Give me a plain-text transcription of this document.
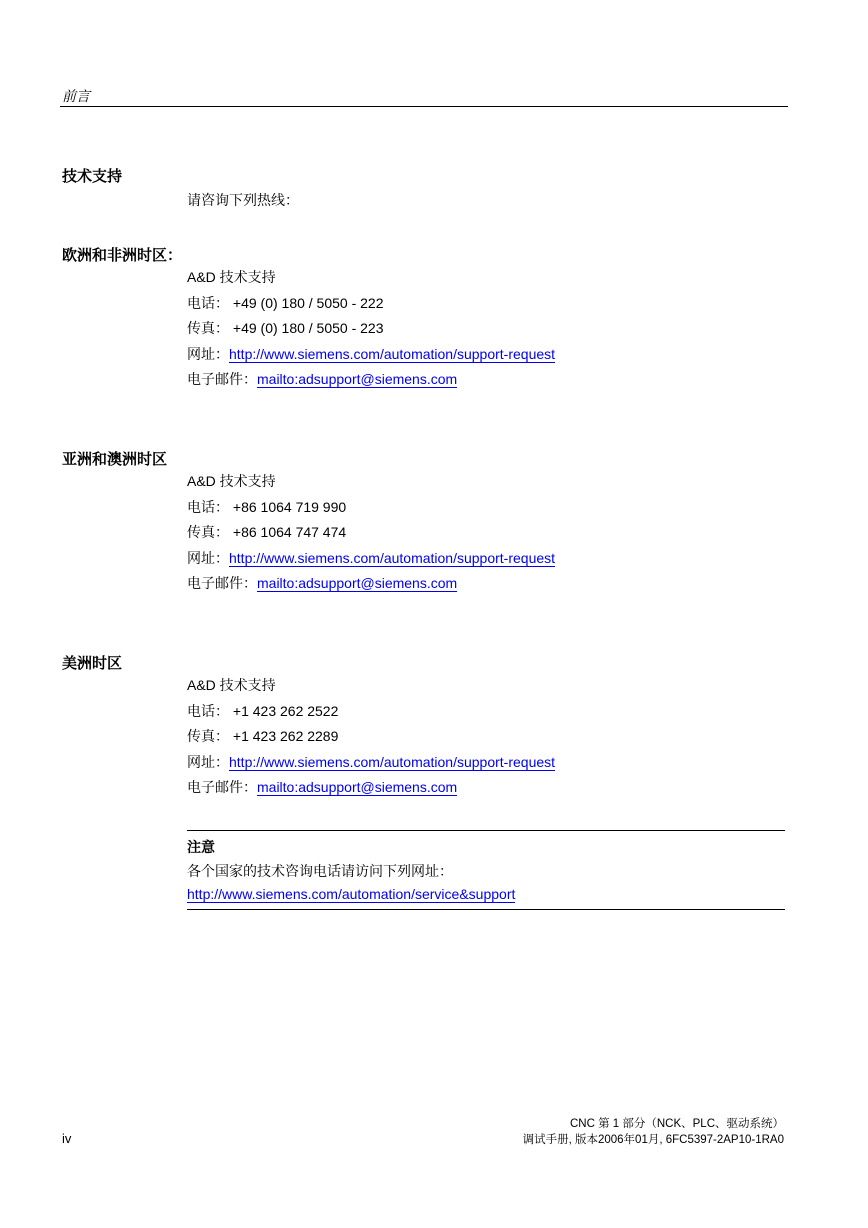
前言
技术支持
请咨询下列热线：
欧洲和非洲时区：
A&D 技术支持
电话： +49 (0) 180 / 5050 - 222
传真： +49 (0) 180 / 5050 - 223
网址：http://www.siemens.com/automation/support-request
电子邮件：mailto:adsupport@siemens.com
亚洲和澳洲时区
A&D 技术支持
电话： +86 1064 719 990
传真： +86 1064 747 474
网址：http://www.siemens.com/automation/support-request
电子邮件：mailto:adsupport@siemens.com
美洲时区
A&D 技术支持
电话： +1 423 262 2522
传真： +1 423 262 2289
网址：http://www.siemens.com/automation/support-request
电子邮件：mailto:adsupport@siemens.com
注意
各个国家的技术咨询电话请访问下列网址：
http://www.siemens.com/automation/service&support
iv
CNC 第 1 部分（NCK、PLC、驱动系统）
调试手册, 版本2006年01月, 6FC5397-2AP10-1RA0
